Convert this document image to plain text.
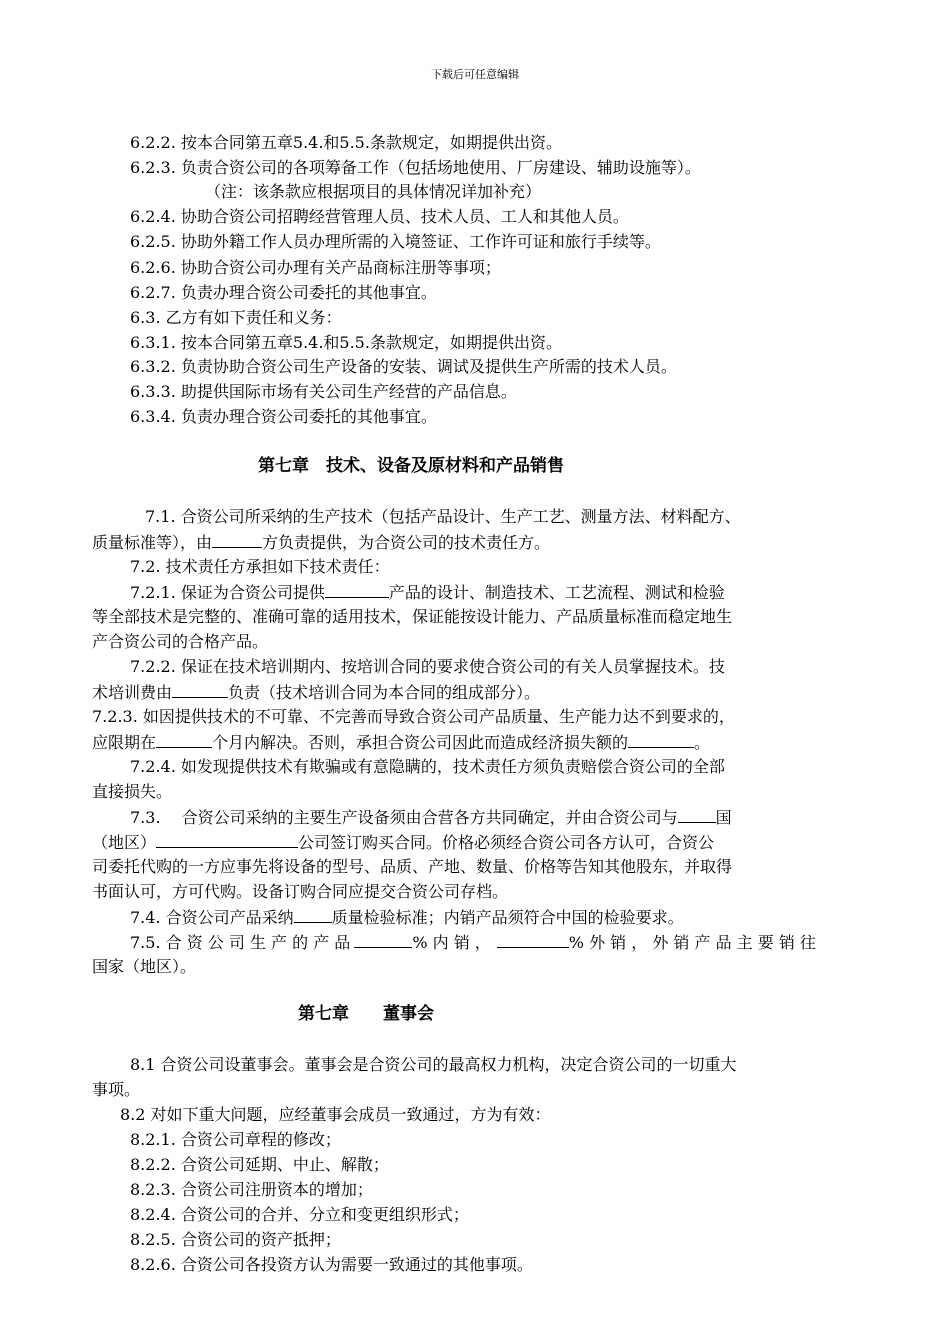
下载后可任意编辑
6.2.2. 按本合同第五章5.4.和5.5.条款规定，如期提供出资。
6.2.3. 负责合资公司的各项筹备工作（包括场地使用、厂房建设、辅助设施等）。
（注：该条款应根据项目的具体情况详加补充）
6.2.4. 协助合资公司招聘经营管理人员、技术人员、工人和其他人员。
6.2.5. 协助外籍工作人员办理所需的入境签证、工作许可证和旅行手续等。
6.2.6. 协助合资公司办理有关产品商标注册等事项；
6.2.7. 负责办理合资公司委托的其他事宜。
6.3. 乙方有如下责任和义务：
6.3.1. 按本合同第五章5.4.和5.5.条款规定，如期提供出资。
6.3.2. 负责协助合资公司生产设备的安装、调试及提供生产所需的技术人员。
6.3.3. 助提供国际市场有关公司生产经营的产品信息。
6.3.4. 负责办理合资公司委托的其他事宜。
第七章　技术、设备及原材料和产品销售
7.1. 合资公司所采纳的生产技术（包括产品设计、生产工艺、测量方法、材料配方、
质量标准等），由	方负责提供，为合资公司的技术责任方。
7.2. 技术责任方承担如下技术责任：
7.2.1. 保证为合资公司提供	产品的设计、制造技术、工艺流程、测试和检验
等全部技术是完整的、准确可靠的适用技术，保证能按设计能力、产品质量标准而稳定地生
产合资公司的合格产品。
7.2.2. 保证在技术培训期内、按培训合同的要求使合资公司的有关人员掌握技术。技
术培训费由	负责（技术培训合同为本合同的组成部分）。
7.2.3. 如因提供技术的不可靠、不完善而导致合资公司产品质量、生产能力达不到要求的，
应限期在	个月内解决。否则，承担合资公司因此而造成经济损失额的	。
7.2.4. 如发现提供技术有欺骗或有意隐瞒的，技术责任方须负责赔偿合资公司的全部
直接损失。
7.3.　 合资公司采纳的主要生产设备须由合营各方共同确定，并由合资公司与 国
（地区）	公司签订购买合同。价格必须经合资公司各方认可，合资公
司委托代购的一方应事先将设备的型号、品质、产地、数量、价格等告知其他股东，并取得
书面认可，方可代购。设备订购合同应提交合资公司存档。
7.4. 合资公司产品采纳 质量检验标准；内销产品须符合中国的检验要求。
7.5. 合 资 公 司 生 产 的 产 品	% 内 销 ，	% 外 销 ， 外 销 产 品 主 要 销 往
国家（地区）。
第七章　　董事会
8.1 合资公司设董事会。董事会是合资公司的最高权力机构，决定合资公司的一切重大
事项。
8.2 对如下重大问题，应经董事会成员一致通过，方为有效：
8.2.1. 合资公司章程的修改；
8.2.2. 合资公司延期、中止、解散；
8.2.3. 合资公司注册资本的增加；
8.2.4. 合资公司的合并、分立和变更组织形式；
8.2.5. 合资公司的资产抵押；
8.2.6. 合资公司各投资方认为需要一致通过的其他事项。
